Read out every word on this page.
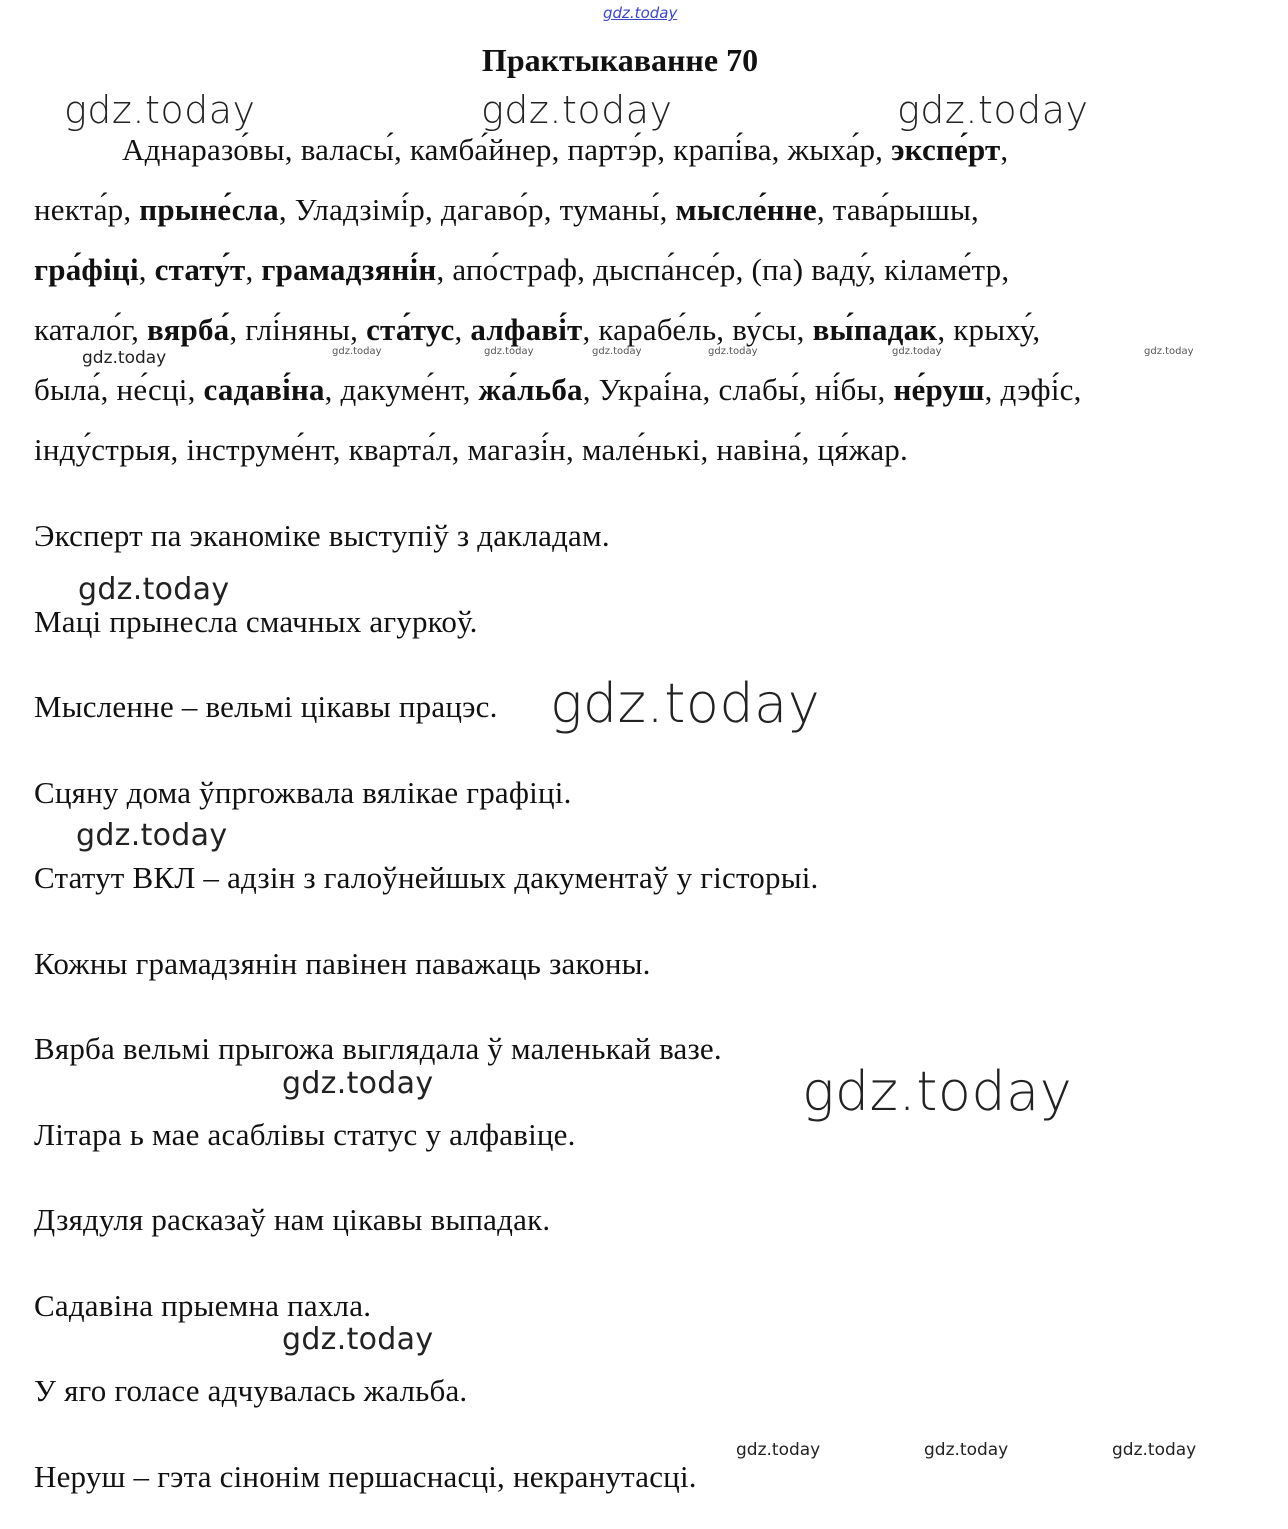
gdz.today
Практыкаванне 70
gdz.today	gdz.today	gdz.today
Аднаразо́вы, валасы́, камба́йнер, партэ́р, крапі́ва, жыха́р, экспе́рт,
некта́р, прыне́сла, Уладзімі́р, дагаво́р, туманы́, мысле́нне, тава́рышы,
гра́фіці, стату́т, грамадзяні́н, апо́страф, дыспа́нсе́р, (па) ваду́, кіламе́тр,
катало́г, вярба́, глі́няны, ста́тус, алфаві́т, карабе́ль, ву́сы, вы́падак, крыху́,
была́, не́сці, садаві́на, дакуме́нт, жа́льба, Украі́на, слабы́, ні́бы, не́руш, дэфі́с,
інду́стрыя, інструме́нт, кварта́л, магазі́н, мале́нькі, навіна́, ця́жар.
gdz.today	gdz.today	gdz.today	gdz.today	gdz.today	gdz.today	gdz.today
Эксперт па эканоміке выступіў з дакладам.
Маці прынесла смачных агуркоў.
Мысленне – вельмі цікавы працэс.
Сцяну дома ўпргожвала вялікае графіці.
Статут ВКЛ – адзін з галоўнейшых дакументаў у гісторыі.
Кожны грамадзянін павінен паважаць законы.
Вярба вельмі прыгожа выглядала ў маленькай вазе.
Літара ь мае асаблівы статус у алфавіце.
Дзядуля расказаў нам цікавы выпадак.
Садавіна прыемна пахла.
У яго голасе адчувалась жальба.
Неруш – гэта сінонім першаснасці, некранутасці.
gdz.today
gdz.today
gdz.today
gdz.today	gdz.today
gdz.today
gdz.today	gdz.today	gdz.today
